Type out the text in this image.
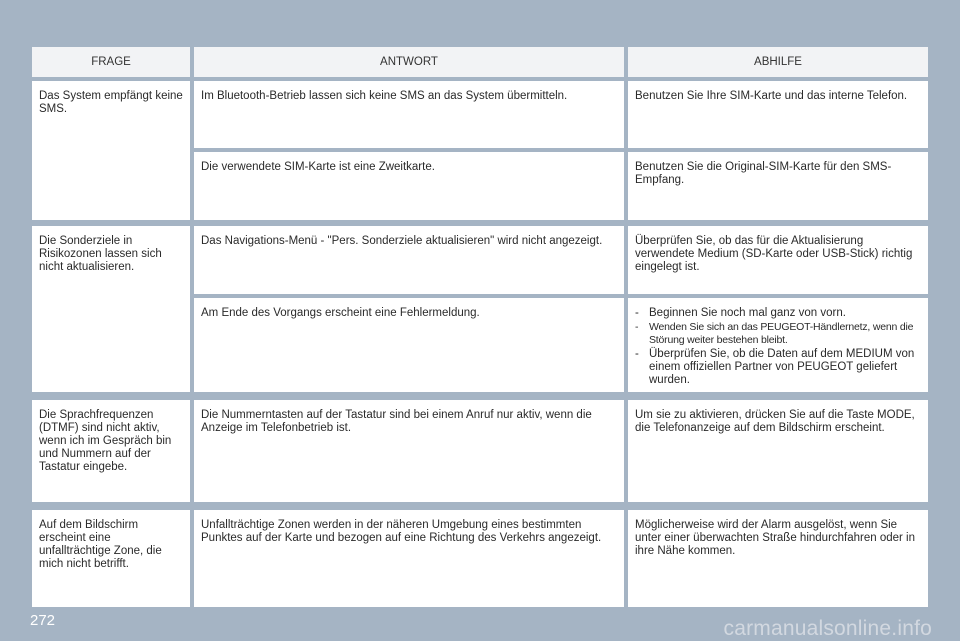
FRAGE	ANTWORT	ABHILFE
Das System empfängt keine SMS.
Im Bluetooth-Betrieb lassen sich keine SMS an das System übermitteln.	Benutzen Sie Ihre SIM-Karte und das interne Telefon.
Die verwendete SIM-Karte ist eine Zweitkarte.	Benutzen Sie die Original-SIM-Karte für den SMS-Empfang.
Die Sonderziele in Risikozonen lassen sich nicht aktualisieren.
Das Navigations-Menü - "Pers. Sonderziele aktualisieren" wird nicht angezeigt.	Überprüfen Sie, ob das für die Aktualisierung verwendete Medium (SD-Karte oder USB-Stick) richtig eingelegt ist.
Am Ende des Vorgangs erscheint eine Fehlermeldung.
-	Beginnen Sie noch mal ganz von vorn.
- Wenden Sie sich an das PEUGEOT-Händlernetz, wenn die Störung weiter bestehen bleibt.
- Überprüfen Sie, ob die Daten auf dem MEDIUM von einem offiziellen Partner von PEUGEOT geliefert wurden.
Die Sprachfrequenzen (DTMF) sind nicht aktiv, wenn ich im Gespräch bin und Nummern auf der Tastatur eingebe.
Die Nummerntasten auf der Tastatur sind bei einem Anruf nur aktiv, wenn die Anzeige im Telefonbetrieb ist.
Um sie zu aktivieren, drücken Sie auf die Taste MODE, die Telefonanzeige auf dem Bildschirm erscheint.
Auf dem Bildschirm erscheint eine unfallträchtige Zone, die mich nicht betrifft.
Unfallträchtige Zonen werden in der näheren Umgebung eines bestimmten Punktes auf der Karte und bezogen auf eine Richtung des Verkehrs angezeigt.
Möglicherweise wird der Alarm ausgelöst, wenn Sie unter einer überwachten Straße hindurchfahren oder in ihre Nähe kommen.
272	carmanualsonline.info
